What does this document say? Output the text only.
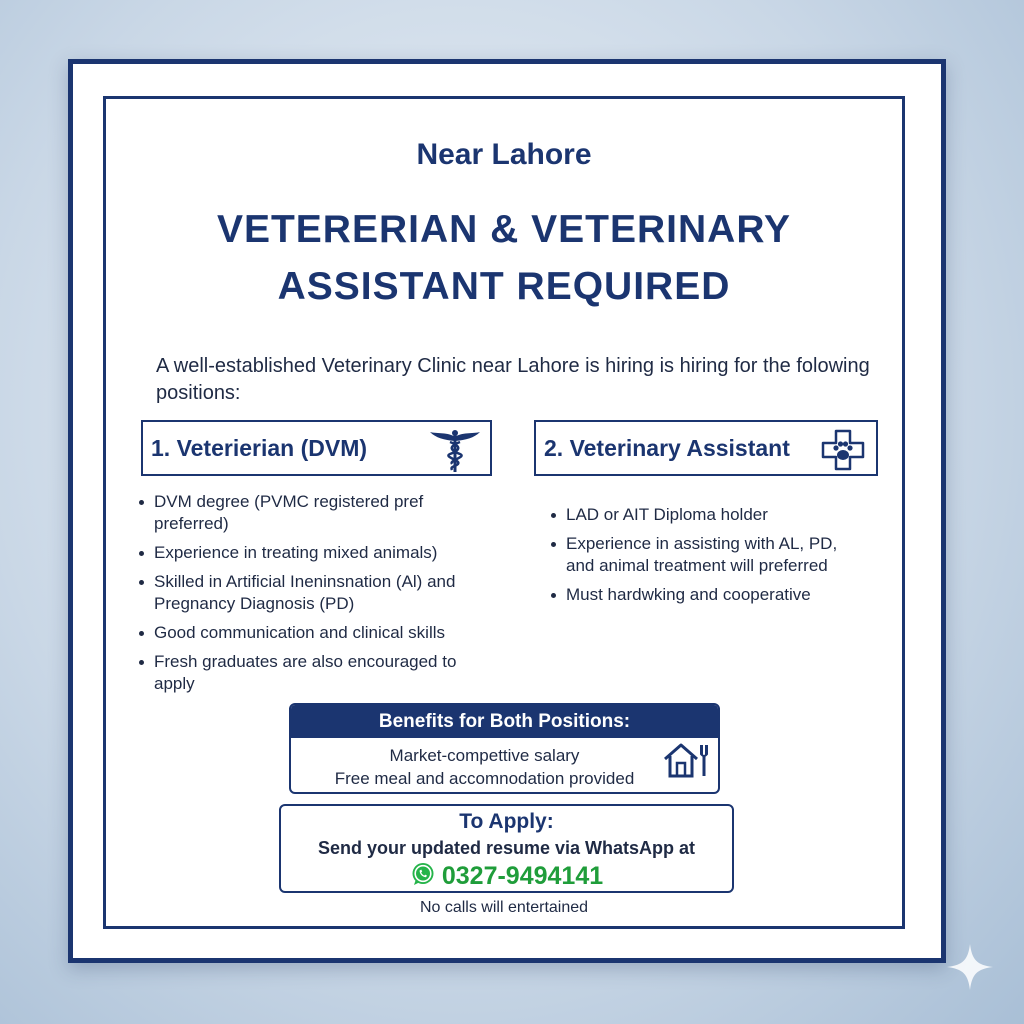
Near Lahore
VETERERIAN & VETERINARY
ASSISTANT REQUIRED
A well-established Veterinary Clinic near Lahore is hiring is hiring for the folowing positions:
1. Veterierian (DVM)	2. Veterinary Assistant
DVM degree (PVMC registered pref preferred)
Experience in treating mixed animals)
Skilled in Artificial Ineninsnation (Al) and Pregnancy Diagnosis (PD)
Good communication and clinical skills
Fresh graduates are also encouraged to apply
LAD or AIT Diploma holder
Experience in assisting with AL, PD, and animal treatment will preferred
Must hardwking and cooperative
Benefits for Both Positions:
Market-compettive salary
Free meal and accomnodation provided
To Apply:
Send your updated resume via WhatsApp at
0327-9494141
No calls will entertained
